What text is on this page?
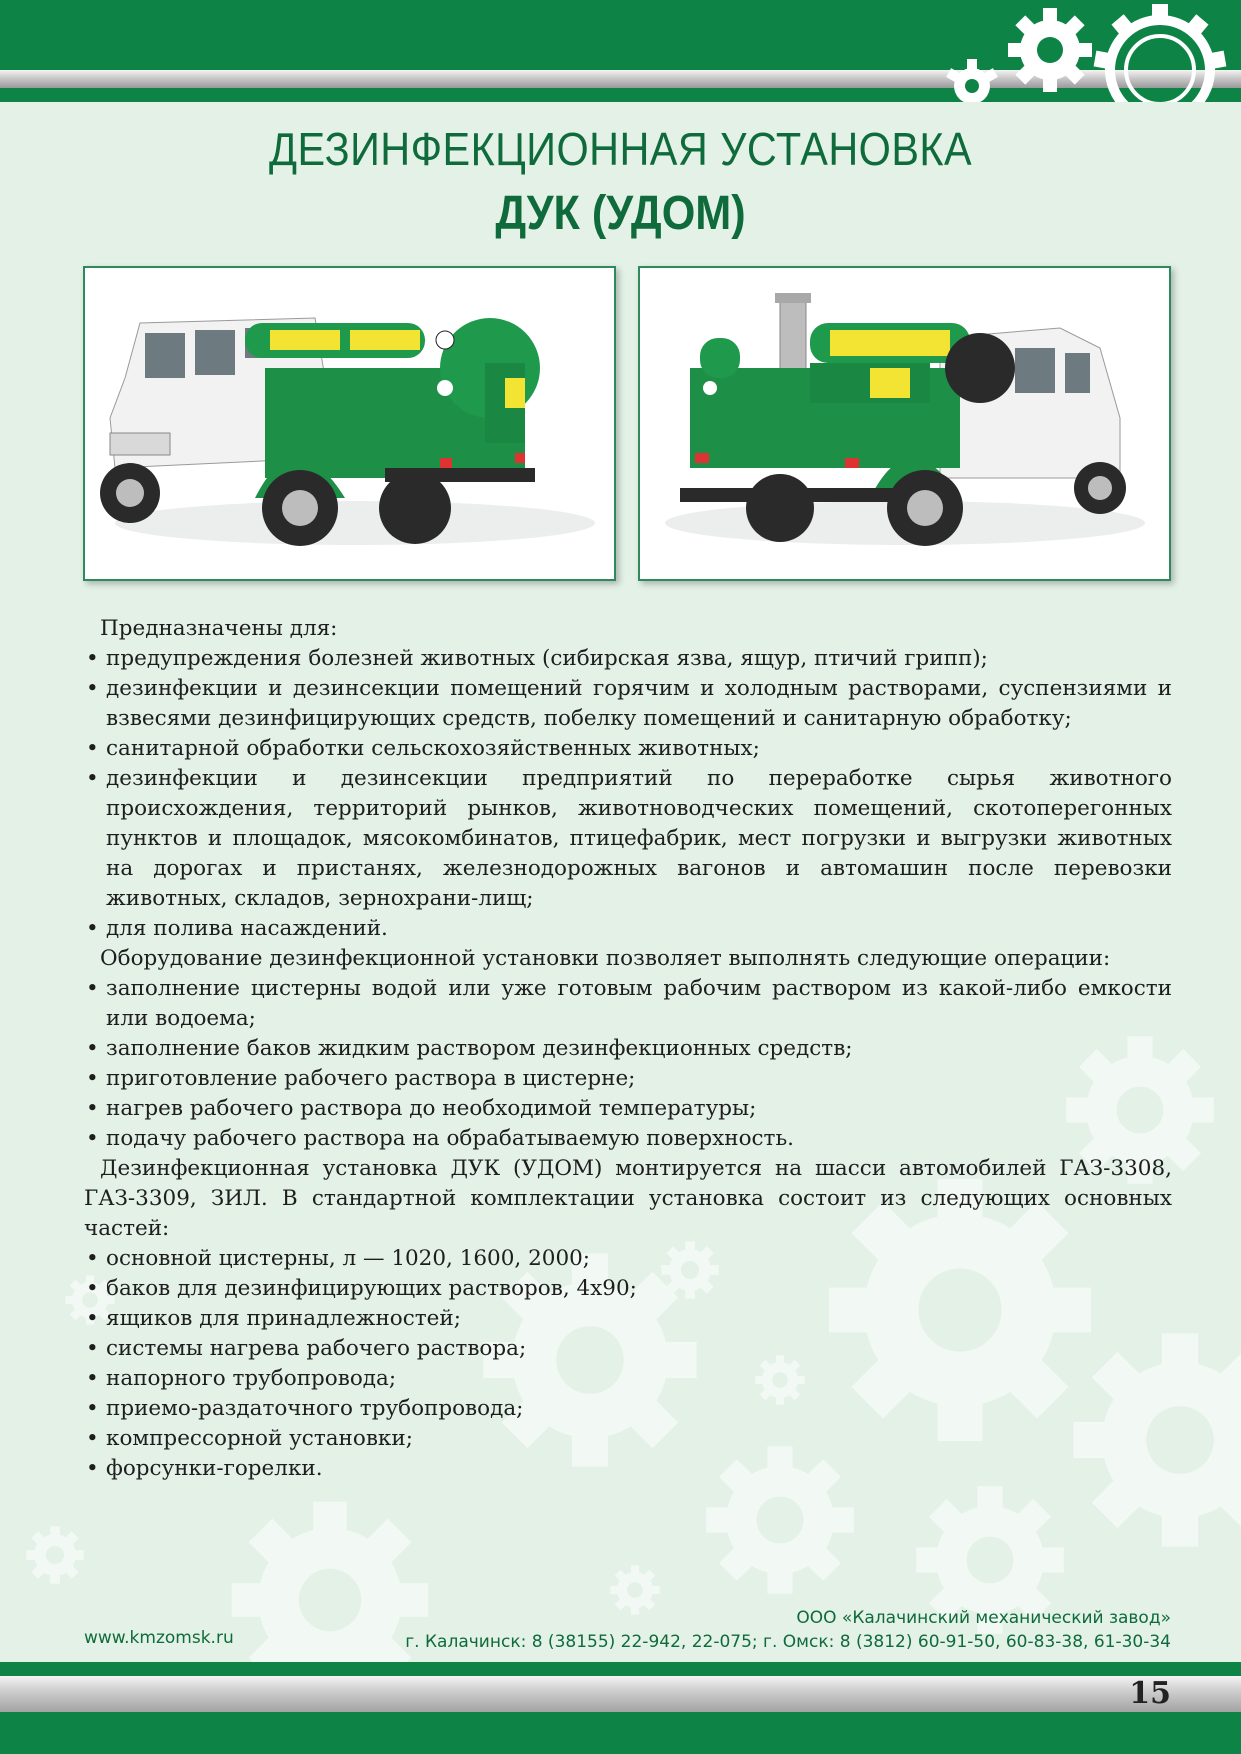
ДЕЗИНФЕКЦИОННАЯ УСТАНОВКА
ДУК (УДОМ)

Предназначены для:

• предупреждения болезней животных (сибирская язва, ящур, птичий грипп);
• дезинфекции и дезинсекции помещений горячим и холодным растворами, суспензиями и взвесями дезинфицирующих средств, побелку помещений и санитарную обработку;
• санитарной обработки сельскохозяйственных животных;
• дезинфекции и дезинсекции предприятий по переработке сырья животного происхождения, территорий рынков, животноводческих помещений, скотоперегонных пунктов и площадок, мясокомбинатов, птицефабрик, мест погрузки и выгрузки животных на дорогах и пристанях, железнодорожных вагонов и автомашин после перевозки животных, складов, зернохрани-лищ;
• для полива насаждений.

Оборудование дезинфекционной установки позволяет выполнять следующие операции:

• заполнение цистерны водой или уже готовым рабочим раствором из какой-либо емкости или водоема;
• заполнение баков жидким раствором дезинфекционных средств;
• приготовление рабочего раствора в цистерне;
• нагрев рабочего раствора до необходимой температуры;
• подачу рабочего раствора на обрабатываемую поверхность.

Дезинфекционная установка ДУК (УДОМ) монтируется на шасси автомобилей ГАЗ-3308, ГАЗ-3309, ЗИЛ. В стандартной комплектации установка состоит из следующих основных частей:

• основной цистерны, л — 1020, 1600, 2000;
• баков для дезинфицирующих растворов, 4х90;
• ящиков для принадлежностей;
• системы нагрева рабочего раствора;
• напорного трубопровода;
• приемо-раздаточного трубопровода;
• компрессорной установки;
• форсунки-горелки.
www.kmzomsk.ru
ООО «Калачинский механический завод»
г. Калачинск: 8 (38155) 22-942, 22-075; г. Омск: 8 (3812) 60-91-50, 60-83-38, 61-30-34
15
